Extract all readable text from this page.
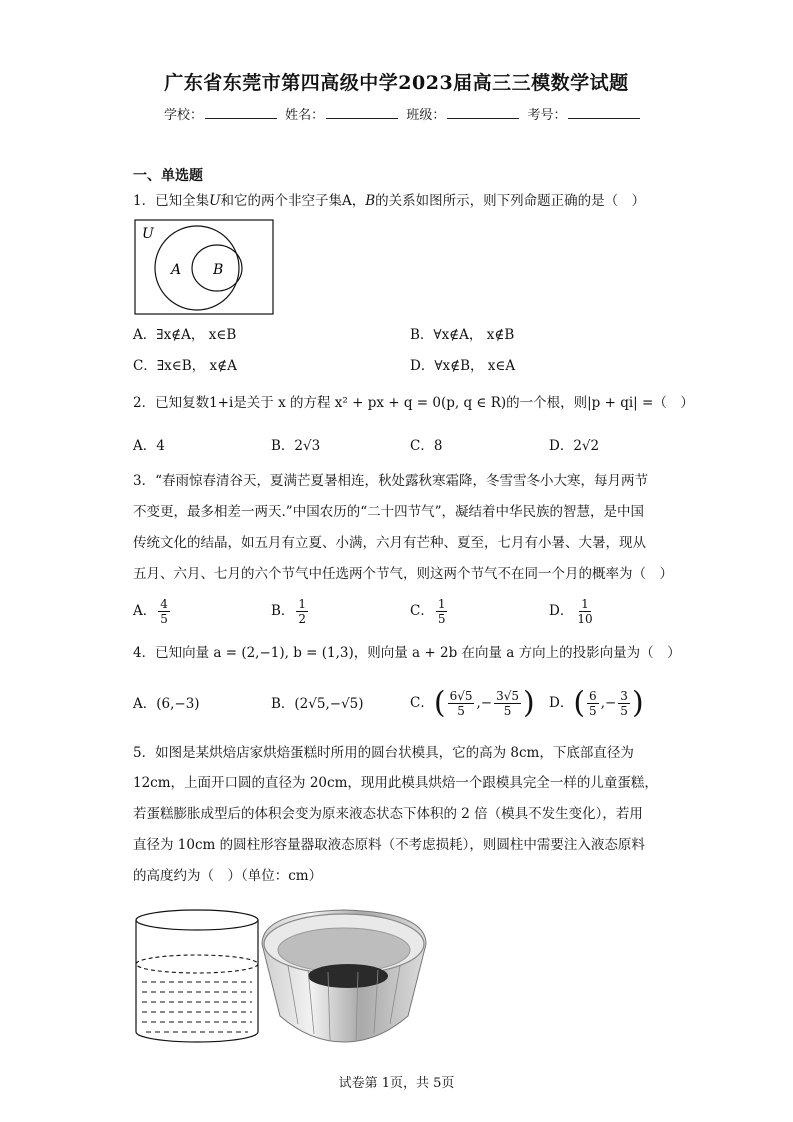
广东省东莞市第四高级中学2023届高三三模数学试题
学校：	姓名：	班级：	考号：
一、单选题
1．已知全集U和它的两个非空子集A，B的关系如图所示，则下列命题正确的是（　）
U
A B
A．∃x∉A， x∈B	B．∀x∉A， x∉B
C．∃x∈B， x∉A	D．∀x∉B， x∈A
2．已知复数1+i是关于 x 的方程 x² + px + q = 0(p, q ∈ R)的一个根，则|p + qi| =（　）
A．4	B．2√3	C．8	D．2√2
3．“春雨惊春清谷天，夏满芒夏暑相连，秋处露秋寒霜降，冬雪雪冬小大寒，每月两节
不变更，最多相差一两天.”中国农历的“二十四节气”，凝结着中华民族的智慧，是中国
传统文化的结晶，如五月有立夏、小满，六月有芒种、夏至，七月有小暑、大暑，现从
五月、六月、七月的六个节气中任选两个节气，则这两个节气不在同一个月的概率为（　）
A． $\frac{4}{5}$	B． $\frac{1}{2}$	C． $\frac{1}{5}$	D． $\frac{1}{10}$
4．已知向量 a = (2,−1), b = (1,3)，则向量 a + 2b 在向量 a 方向上的投影向量为（　）
A．(6,−3)	B．(2√5,−√5)	C．( $\frac{6√5}{5}$ ,− $\frac{3√5}{5}$ ) D．( $\frac{6}{5}$ ,− $\frac{3}{5}$ )
5．如图是某烘焙店家烘焙蛋糕时所用的圆台状模具，它的高为 8cm，下底部直径为
12cm，上面开口圆的直径为 20cm，现用此模具烘焙一个跟模具完全一样的儿童蛋糕，
若蛋糕膨胀成型后的体积会变为原来液态状态下体积的 2 倍（模具不发生变化），若用
直径为 10cm 的圆柱形容量器取液态原料（不考虑损耗），则圆柱中需要注入液态原料
的高度约为（　）（单位：cm）
试卷第 1页，共 5页
